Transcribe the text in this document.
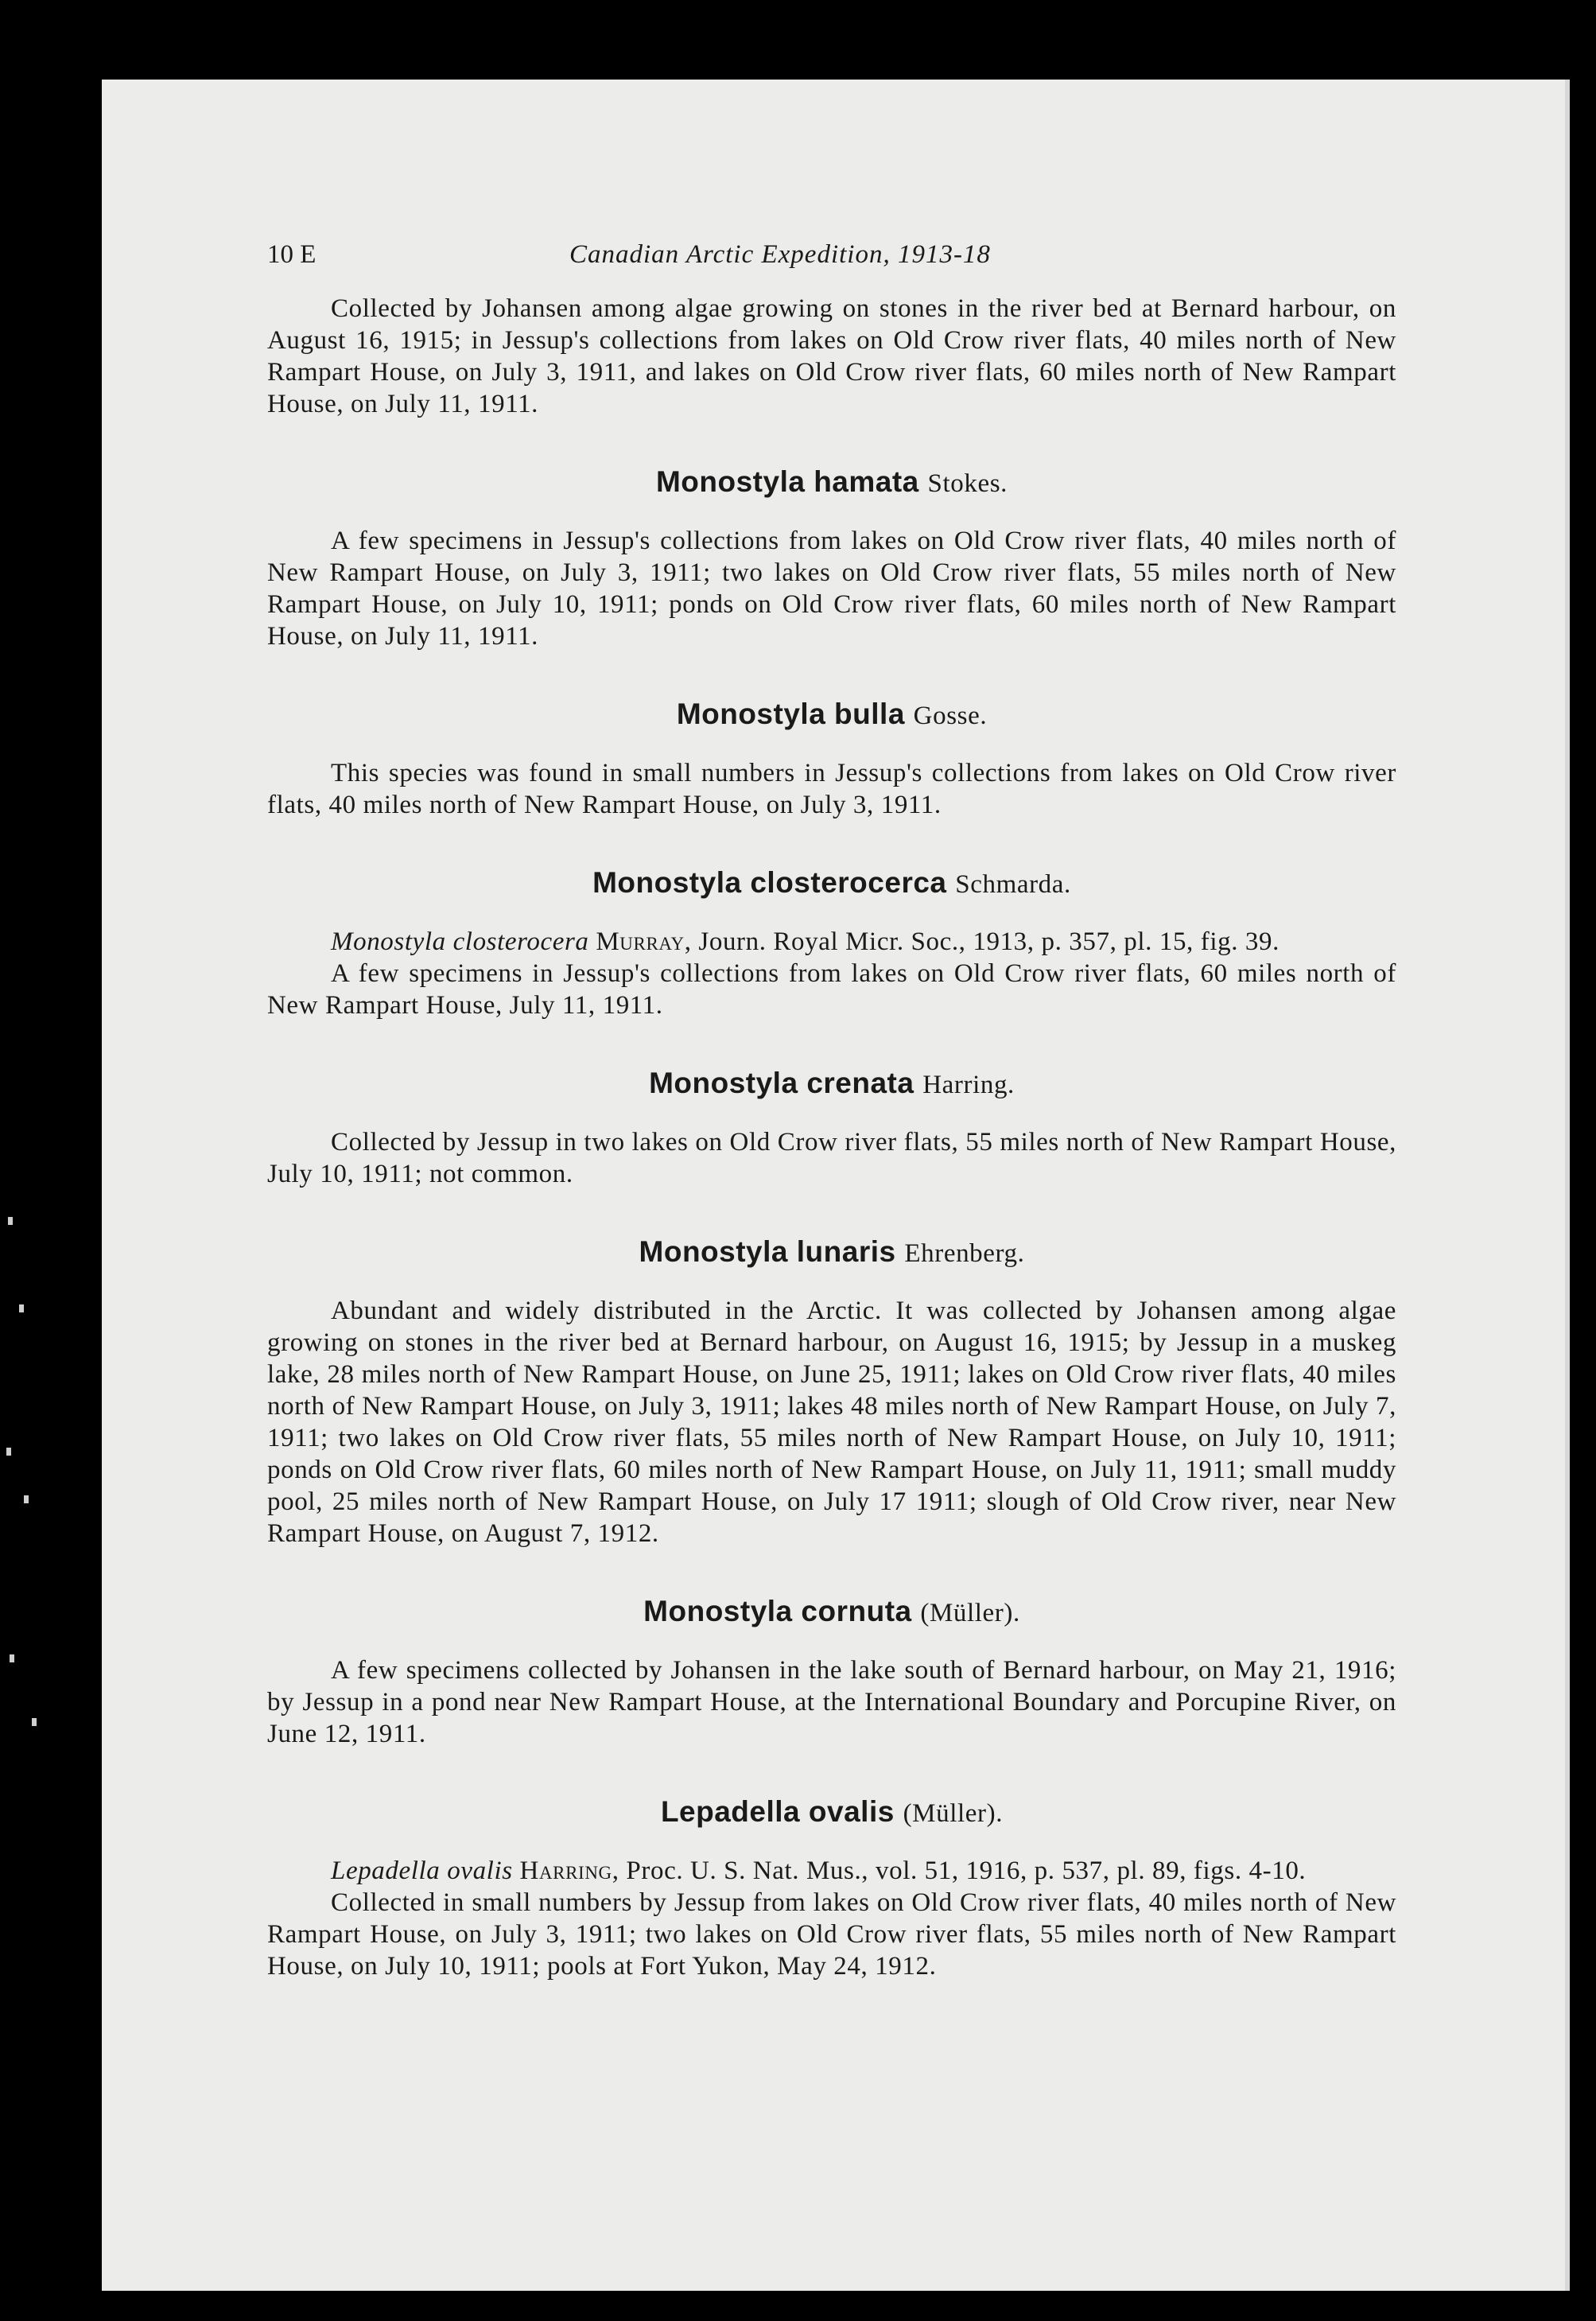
10 E	Canadian Arctic Expedition, 1913-18

Collected by Johansen among algae growing on stones in the river bed at Bernard harbour, on August 16, 1915; in Jessup's collections from lakes on Old Crow river flats, 40 miles north of New Rampart House, on July 3, 1911, and lakes on Old Crow river flats, 60 miles north of New Rampart House, on July 11, 1911.

Monostyla hamata Stokes.

A few specimens in Jessup's collections from lakes on Old Crow river flats, 40 miles north of New Rampart House, on July 3, 1911; two lakes on Old Crow river flats, 55 miles north of New Rampart House, on July 10, 1911; ponds on Old Crow river flats, 60 miles north of New Rampart House, on July 11, 1911.

Monostyla bulla Gosse.

This species was found in small numbers in Jessup's collections from lakes on Old Crow river flats, 40 miles north of New Rampart House, on July 3, 1911.

Monostyla closterocerca Schmarda.

Monostyla closterocera Murray, Journ. Royal Micr. Soc., 1913, p. 357, pl. 15, fig. 39.

A few specimens in Jessup's collections from lakes on Old Crow river flats, 60 miles north of New Rampart House, July 11, 1911.

Monostyla crenata Harring.

Collected by Jessup in two lakes on Old Crow river flats, 55 miles north of New Rampart House, July 10, 1911; not common.

Monostyla lunaris Ehrenberg.

Abundant and widely distributed in the Arctic. It was collected by Johansen among algae growing on stones in the river bed at Bernard harbour, on August 16, 1915; by Jessup in a muskeg lake, 28 miles north of New Rampart House, on June 25, 1911; lakes on Old Crow river flats, 40 miles north of New Rampart House, on July 3, 1911; lakes 48 miles north of New Rampart House, on July 7, 1911; two lakes on Old Crow river flats, 55 miles north of New Rampart House, on July 10, 1911; ponds on Old Crow river flats, 60 miles north of New Rampart House, on July 11, 1911; small muddy pool, 25 miles north of New Rampart House, on July 17 1911; slough of Old Crow river, near New Rampart House, on August 7, 1912.

Monostyla cornuta (Müller).

A few specimens collected by Johansen in the lake south of Bernard harbour, on May 21, 1916; by Jessup in a pond near New Rampart House, at the International Boundary and Porcupine River, on June 12, 1911.

Lepadella ovalis (Müller).

Lepadella ovalis Harring, Proc. U. S. Nat. Mus., vol. 51, 1916, p. 537, pl. 89, figs. 4-10.

Collected in small numbers by Jessup from lakes on Old Crow river flats, 40 miles north of New Rampart House, on July 3, 1911; two lakes on Old Crow river flats, 55 miles north of New Rampart House, on July 10, 1911; pools at Fort Yukon, May 24, 1912.
